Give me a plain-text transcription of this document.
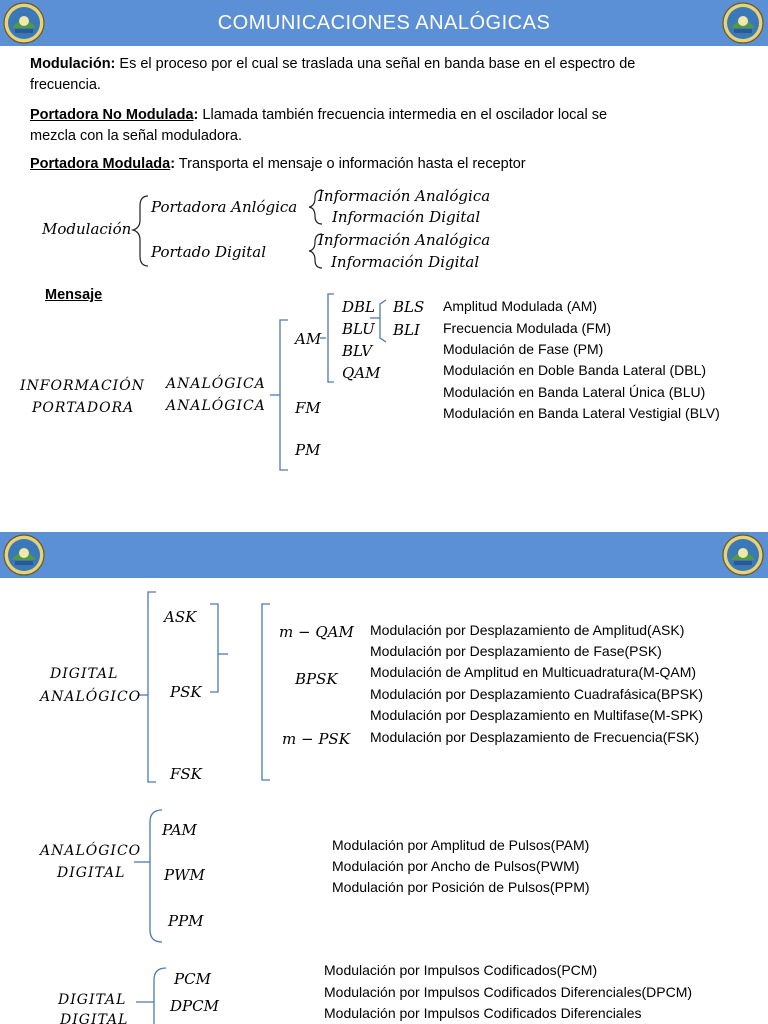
COMUNICACIONES ANALÓGICAS
Modulación: Es el proceso por el cual se traslada una señal en banda base en el espectro de
frecuencia.
Portadora No Modulada: Llamada también frecuencia intermedia en el oscilador local se
mezcla con la señal moduladora.
Portadora Modulada: Transporta el mensaje o información hasta el receptor
Modulación
Portadora Anlógica
Portado Digital
Información Analógica
Información Digital
Información Analógica
Información Digital
Mensaje
INFORMACIÓN
PORTADORA
ANALÓGICA
ANALÓGICA
AM
FM
PM
DBL
BLU
BLV
QAM
BLS
BLI
Amplitud Modulada (AM)
Frecuencia Modulada (FM)
Modulación de Fase (PM)
Modulación en Doble Banda Lateral (DBL)
Modulación en Banda Lateral Única (BLU)
Modulación en Banda Lateral Vestigial (BLV)
ASK
PSK
FSK
DIGITAL
ANALÓGICO
m − QAM
BPSK
m − PSK
Modulación por Desplazamiento de Amplitud(ASK)
Modulación por Desplazamiento de Fase(PSK)
Modulación de Amplitud en Multicuadratura(M-QAM)
Modulación por Desplazamiento Cuadrafásica(BPSK)
Modulación por Desplazamiento en Multifase(M-SPK)
Modulación por Desplazamiento de Frecuencia(FSK)
ANALÓGICO
DIGITAL
PAM
PWM
PPM
Modulación por Amplitud de Pulsos(PAM)
Modulación por Ancho de Pulsos(PWM)
Modulación por Posición de Pulsos(PPM)
DIGITAL
DIGITAL
PCM
DPCM
Modulación por Impulsos Codificados(PCM)
Modulación por Impulsos Codificados Diferenciales(DPCM)
Modulación por Impulsos Codificados Diferenciales
